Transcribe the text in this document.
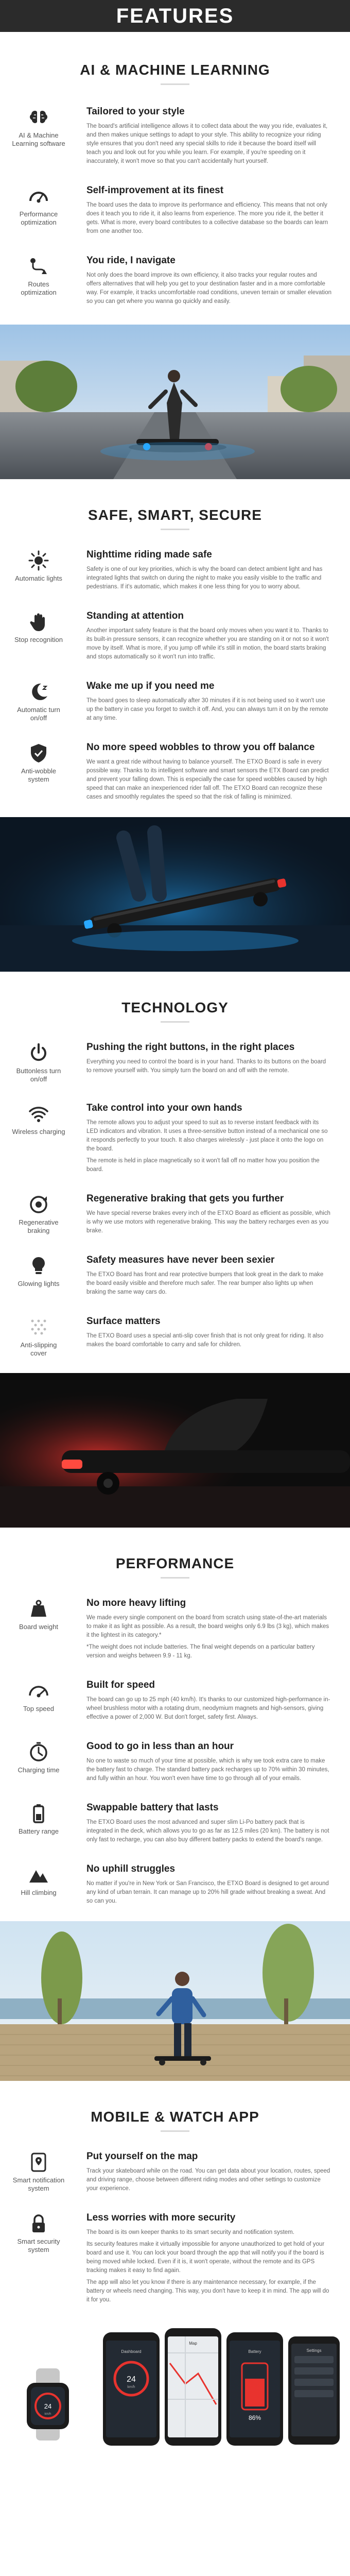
FEATURES
AI & MACHINE LEARNING
AI & Machine Learning software
Tailored to your style

The board's artificial intelligence allows it to collect data about the way you ride, evaluates it, and then makes unique settings to adapt to your style. This ability to recognize your riding style ensures that you don't need any special skills to ride it because the board itself will teach you and look out for you while you learn. For example, if you're speeding on it inaccurately, it won't move so that you can't accidentally hurt yourself.

Performance optimization
Self-improvement at its finest

The board uses the data to improve its performance and efficiency. This means that not only does it teach you to ride it, it also learns from experience. The more you ride it, the better it gets. What is more, every board contributes to a collective database so the boards can learn from one another too.

Routes optimization
You ride, I navigate

Not only does the board improve its own efficiency, it also tracks your regular routes and offers alternatives that will help you get to your destination faster and in a more comfortable way. For example, it tracks uncomfortable road conditions, uneven terrain or smaller elevation so you can get where you wanna go quickly and easily.

SAFE, SMART, SECURE
Automatic lights
Nighttime riding made safe

Safety is one of our key priorities, which is why the board can detect ambient light and has integrated lights that switch on during the night to make you easily visible to the traffic and pedestrians. If it's automatic, which makes it one less thing for you to worry about.

Stop recognition
Standing at attention

Another important safety feature is that the board only moves when you want it to. Thanks to its built-in pressure sensors, it can recognize whether you are standing on it or not so it won't move by itself. What is more, if you jump off while it's still in motion, the board starts braking and stops automatically so it won't run into traffic.

Automatic turn on/off
Wake me up if you need me

The board goes to sleep automatically after 30 minutes if it is not being used so it won't use up the battery in case you forget to switch it off. And, you can always turn it on by the remote at any time.

Anti-wobble system
No more speed wobbles to throw you off balance

We want a great ride without having to balance yourself. The ETXO Board is safe in every possible way. Thanks to its intelligent software and smart sensors the ETX Board can predict and prevent your falling down. This is especially the case for speed wobbles caused by high speed that can make an inexperienced rider fall off. The ETXO Board can recognize these cases and smoothly regulates the speed so that the risk of falling is minimized.

TECHNOLOGY
Buttonless turn on/off
Pushing the right buttons, in the right places

Everything you need to control the board is in your hand. Thanks to its buttons on the board to remove yourself with. You simply turn the board on and off with the remote.

Wireless charging
Take control into your own hands

The remote allows you to adjust your speed to suit as to reverse instant feedback with its LED indicators and vibration. It uses a three-sensitive button instead of a mechanical one so it responds perfectly to your touch. It also charges wirelessly - just place it onto the logo on the board.

The remote is held in place magnetically so it won't fall off no matter how you position the board.

Regenerative braking
Regenerative braking that gets you further

We have special reverse brakes every inch of the ETXO Board as efficient as possible, which is why we use motors with regenerative braking. This way the battery recharges even as you brake.

Glowing lights
Safety measures have never been sexier

The ETXO Board has front and rear protective bumpers that look great in the dark to make the board easily visible and therefore much safer. The rear bumper also lights up when braking the same way cars do.

Anti-slipping cover
Surface matters

The ETXO Board uses a special anti-slip cover finish that is not only great for riding. It also makes the board comfortable to carry and safe for children.

PERFORMANCE
Board weight
No more heavy lifting

We made every single component on the board from scratch using state-of-the-art materials to make it as light as possible. As a result, the board weighs only 6.9 lbs (3 kg), which makes it the lightest in its category.*

*The weight does not include batteries. The final weight depends on a particular battery version and weighs between 9.9 - 11 kg.

Top speed
Built for speed

The board can go up to 25 mph (40 km/h). It's thanks to our customized high-performance in-wheel brushless motor with a rotating drum, neodymium magnets and high-sensors, giving effective a power of 2,000 W. But don't forget, safety first. Always.

Charging time
Good to go in less than an hour

No one to waste so much of your time at possible, which is why we took extra care to make the battery fast to charge. The standard battery pack recharges up to 70% within 30 minutes, and fully within an hour. You won't even have time to go through all of your emails.

Battery range
Swappable battery that lasts

The ETXO Board uses the most advanced and super slim Li-Po battery pack that is integrated in the deck, which allows you to go as far as 12.5 miles (20 km). The battery is not only fast to recharge, you can also buy different battery packs to extend the board's range.

Hill climbing
No uphill struggles

No matter if you're in New York or San Francisco, the ETXO Board is designed to get around any kind of urban terrain. It can manage up to 20% hill grade without breaking a sweat. And so can you.

MOBILE & WATCH APP
Smart notification system
Put yourself on the map

Track your skateboard while on the road. You can get data about your location, routes, speed and driving range, choose between different riding modes and other settings to customize your experience.

Smart security system
Less worries with more security

The board is its own keeper thanks to its smart security and notification system.

Its security features make it virtually impossible for anyone unauthorized to get hold of your board and use it. You can lock your board through the app that will notify you if the board is being moved while locked. Even if it is, it won't operate, without the remote and its GPS tracking makes it easy to find again.

The app will also let you know if there is any maintenance necessary, for example, if the battery or wheels need changing. This way, you don't have to keep it in mind. The app will do it for you.

Dashboard
24
km/h
Map
Battery
86%
Settings
24
km/h
